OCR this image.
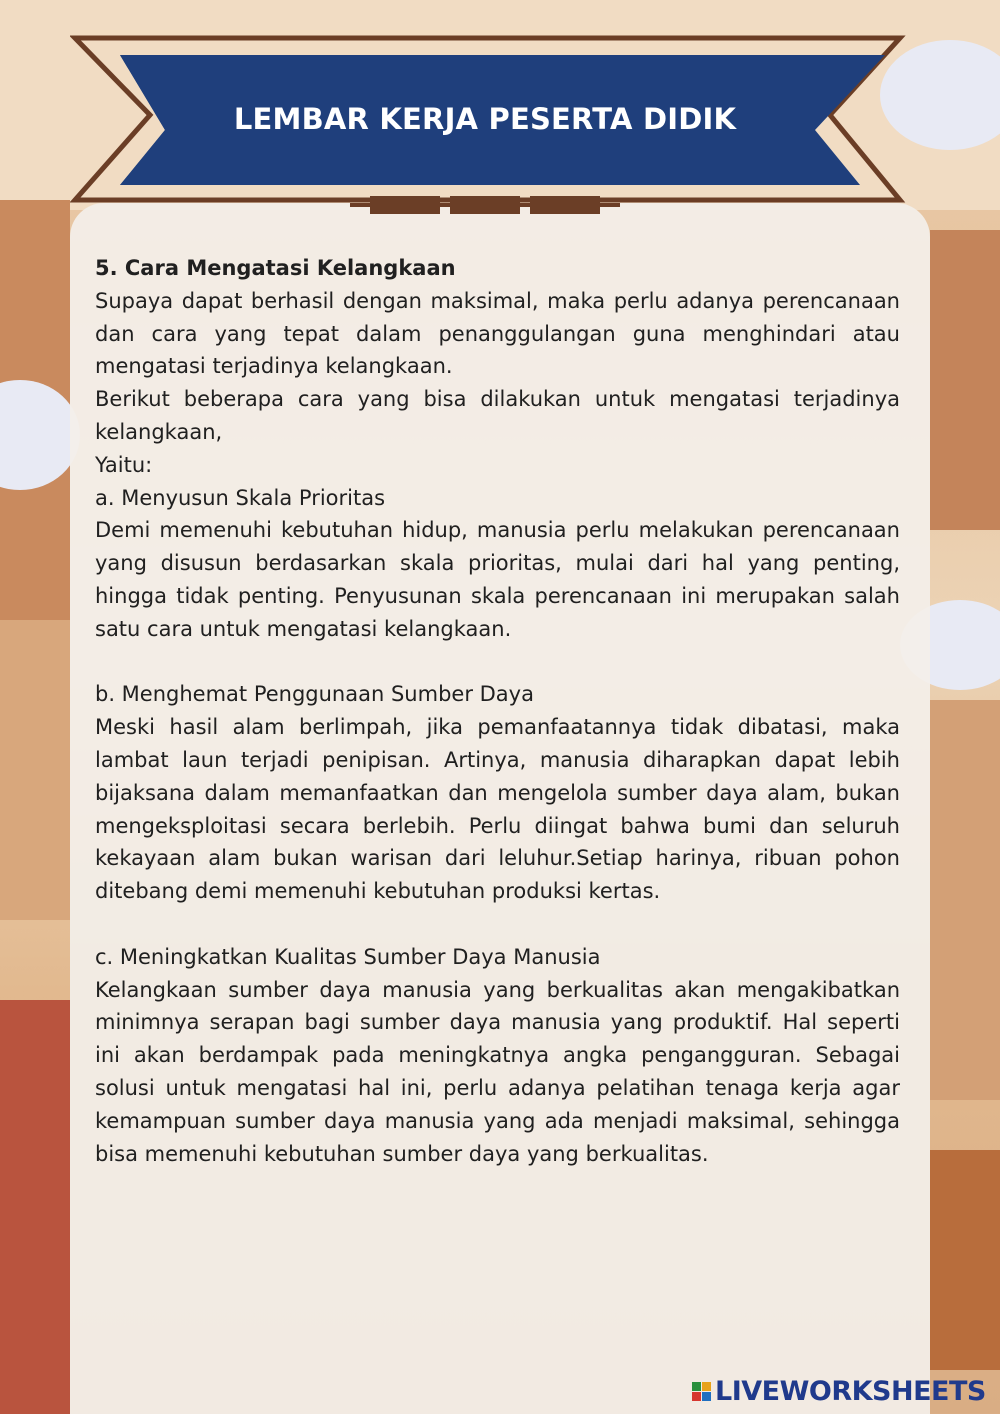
LEMBAR KERJA PESERTA DIDIK

5. Cara Mengatasi Kelangkaan

Supaya dapat berhasil dengan maksimal, maka perlu adanya perencanaan dan cara yang tepat dalam penanggulangan guna menghindari atau mengatasi terjadinya kelangkaan.

Berikut beberapa cara yang bisa dilakukan untuk mengatasi terjadinya kelangkaan,

Yaitu:

a. Menyusun Skala Prioritas

Demi memenuhi kebutuhan hidup, manusia perlu melakukan perencanaan yang disusun berdasarkan skala prioritas, mulai dari hal yang penting, hingga tidak penting. Penyusunan skala perencanaan ini merupakan salah satu cara untuk mengatasi kelangkaan.

b. Menghemat Penggunaan Sumber Daya

Meski hasil alam berlimpah, jika pemanfaatannya tidak dibatasi, maka lambat laun terjadi penipisan. Artinya, manusia diharapkan dapat lebih bijaksana dalam memanfaatkan dan mengelola sumber daya alam, bukan mengeksploitasi secara berlebih. Perlu diingat bahwa bumi dan seluruh kekayaan alam bukan warisan dari leluhur.Setiap harinya, ribuan pohon ditebang demi memenuhi kebutuhan produksi kertas.

c. Meningkatkan Kualitas Sumber Daya Manusia

Kelangkaan sumber daya manusia yang berkualitas akan mengakibatkan minimnya serapan bagi sumber daya manusia yang produktif. Hal seperti ini akan berdampak pada meningkatnya angka pengangguran. Sebagai solusi untuk mengatasi hal ini, perlu adanya pelatihan tenaga kerja agar kemampuan sumber daya manusia yang ada menjadi maksimal, sehingga bisa memenuhi kebutuhan sumber daya yang berkualitas.

LIVEWORKSHEETS
